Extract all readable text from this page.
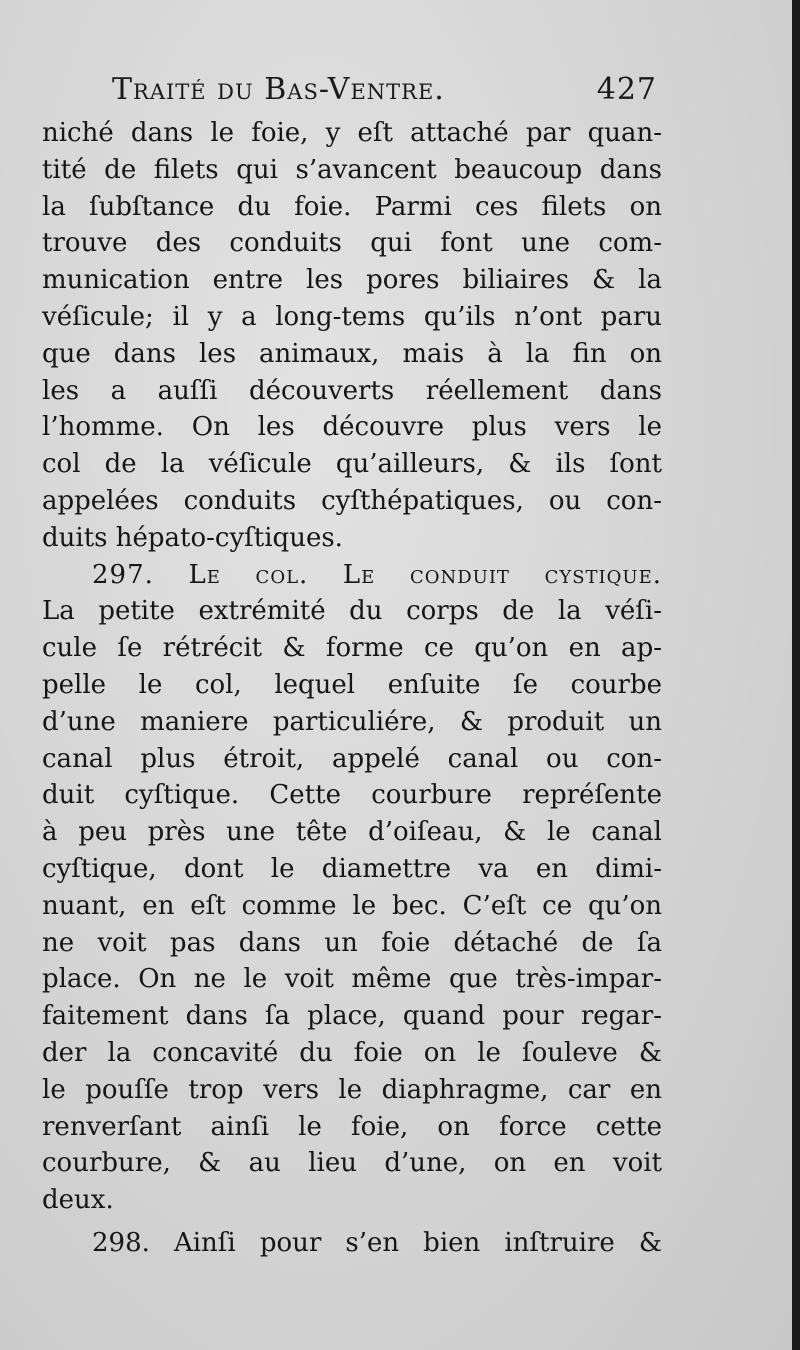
Traité du Bas-Ventre.	427
niché dans le foie, y eſt attaché par quan-
tité de filets qui s’avancent beaucoup dans
la ſubſtance du foie. Parmi ces filets on
trouve des conduits qui font une com-
munication entre les pores biliaires & la
véſicule; il y a long-tems qu’ils n’ont paru
que dans les animaux, mais à la fin on
les a auſſi découverts réellement dans
l’homme. On les découvre plus vers le
col de la véſicule qu’ailleurs, & ils ſont
appelées conduits cyſthépatiques, ou con-
duits hépato-cyſtiques.
297. Le col. Le conduit cystique.
La petite extrémité du corps de la véſi-
cule ſe rétrécit & forme ce qu’on en ap-
pelle le col, lequel enſuite ſe courbe
d’une maniere particuliére, & produit un
canal plus étroit, appelé canal ou con-
duit cyſtique. Cette courbure repréſente
à peu près une tête d’oiſeau, & le canal
cyſtique, dont le diamettre va en dimi-
nuant, en eſt comme le bec. C’eſt ce qu’on
ne voit pas dans un foie détaché de ſa
place. On ne le voit même que très-impar-
faitement dans ſa place, quand pour regar-
der la concavité du foie on le ſouleve &
le pouſſe trop vers le diaphragme, car en
renverſant ainſi le foie, on force cette
courbure, & au lieu d’une, on en voit
deux.
298. Ainſi pour s’en bien inſtruire &
